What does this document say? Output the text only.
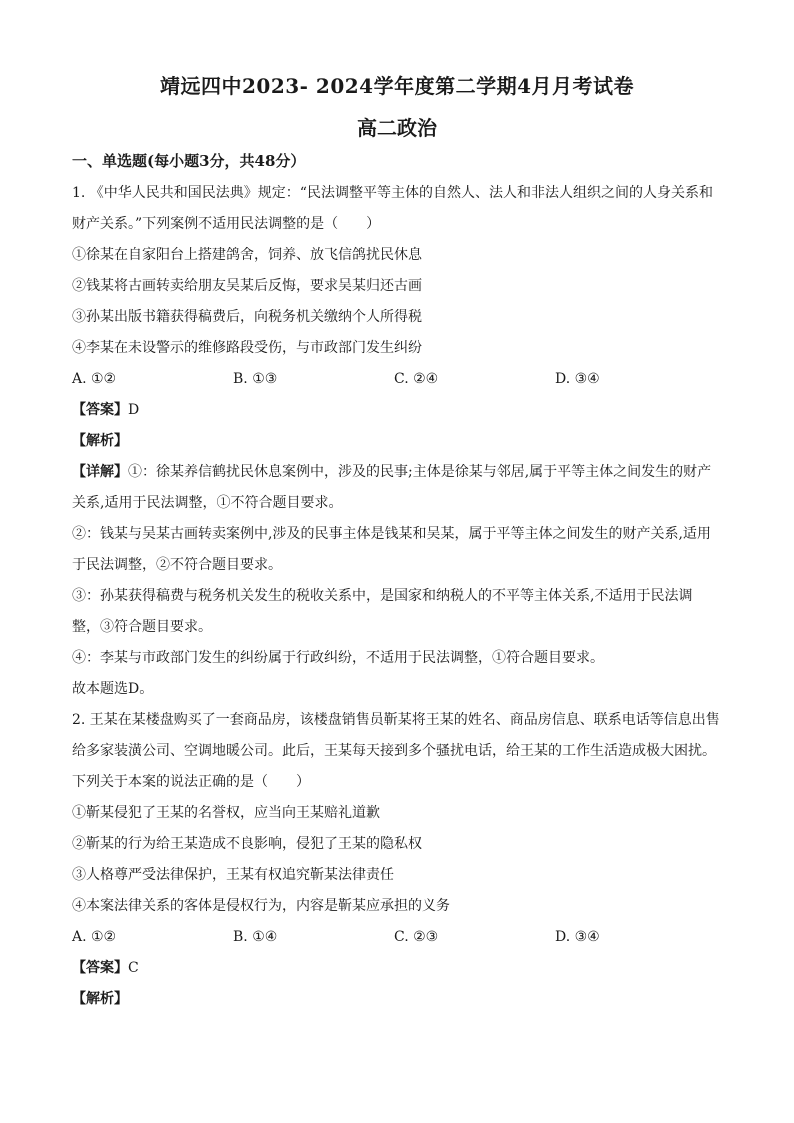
靖远四中2023- 2024学年度第二学期4月月考试卷
高二政治
一、单选题(每小题3分，共48分）
1. 《中华人民共和国民法典》规定：“民法调整平等主体的自然人、法人和非法人组织之间的人身关系和
财产关系。”下列案例不适用民法调整的是（　　）
①徐某在自家阳台上搭建鸽舍，饲养、放飞信鸽扰民休息
②钱某将古画转卖给朋友吴某后反悔，要求吴某归还古画
③孙某出版书籍获得稿费后，向税务机关缴纳个人所得税
④李某在未设警示的维修路段受伤，与市政部门发生纠纷
A. ①②	B. ①③	C. ②④	D. ③④
【答案】D
【解析】
【详解】①：徐某养信鹤扰民休息案例中，涉及的民事;主体是徐某与邻居,属于平等主体之间发生的财产
关系,适用于民法调整，①不符合题目要求。
②：钱某与吴某古画转卖案例中,涉及的民事主体是钱某和吴某，属于平等主体之间发生的财产关系,适用
于民法调整，②不符合题目要求。
③：孙某获得稿费与税务机关发生的税收关系中，是国家和纳税人的不平等主体关系,不适用于民法调
整，③符合题目要求。
④：李某与市政部门发生的纠纷属于行政纠纷，不适用于民法调整，①符合题目要求。
故本题选D。
2. 王某在某楼盘购买了一套商品房，该楼盘销售员靳某将王某的姓名、商品房信息、联系电话等信息出售
给多家装潢公司、空调地暖公司。此后，王某每天接到多个骚扰电话，给王某的工作生活造成极大困扰。
下列关于本案的说法正确的是（　　）
①靳某侵犯了王某的名誉权，应当向王某赔礼道歉
②靳某的行为给王某造成不良影响，侵犯了王某的隐私权
③人格尊严受法律保护，王某有权追究靳某法律责任
④本案法律关系的客体是侵权行为，内容是靳某应承担的义务
A. ①②	B. ①④	C. ②③	D. ③④
【答案】C
【解析】
